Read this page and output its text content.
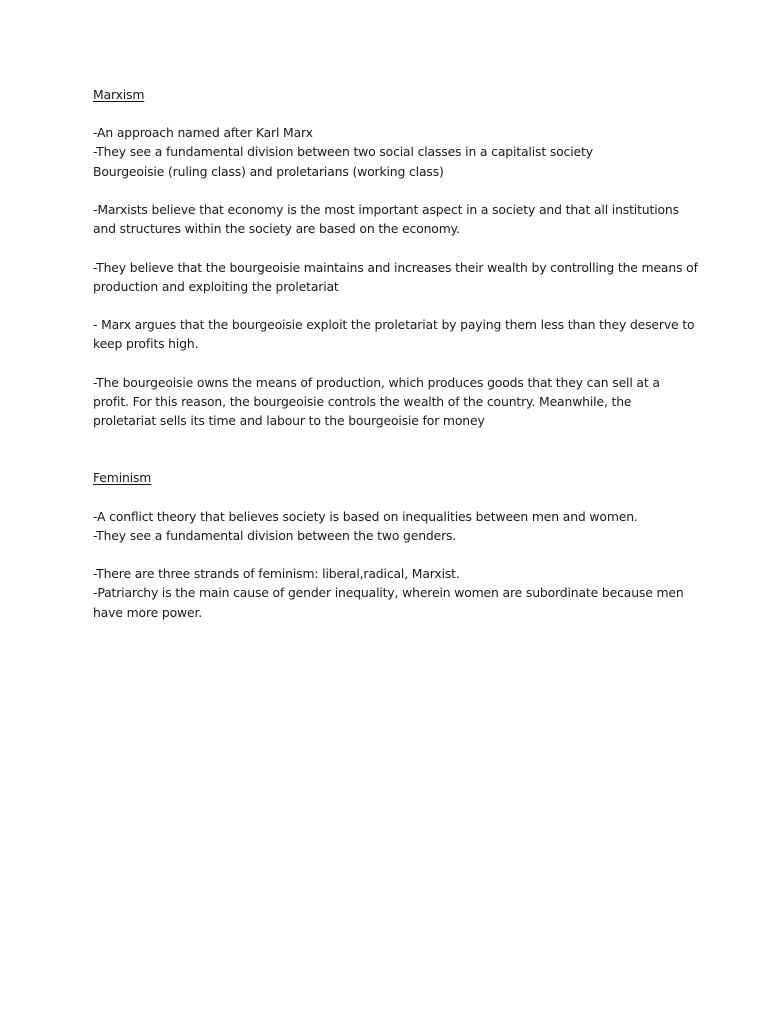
Marxism
-An approach named after Karl Marx
-They see a fundamental division between two social classes in a capitalist society
Bourgeoisie (ruling class) and proletarians (working class)
-Marxists believe that economy is the most important aspect in a society and that all institutions
and structures within the society are based on the economy.
-They believe that the bourgeoisie maintains and increases their wealth by controlling the means of
production and exploiting the proletariat
- Marx argues that the bourgeoisie exploit the proletariat by paying them less than they deserve to
keep profits high.
-The bourgeoisie owns the means of production, which produces goods that they can sell at a
profit. For this reason, the bourgeoisie controls the wealth of the country. Meanwhile, the
proletariat sells its time and labour to the bourgeoisie for money
Feminism
-A conflict theory that believes society is based on inequalities between men and women.
-They see a fundamental division between the two genders.
-There are three strands of feminism: liberal,radical, Marxist.
-Patriarchy is the main cause of gender inequality, wherein women are subordinate because men
have more power.
